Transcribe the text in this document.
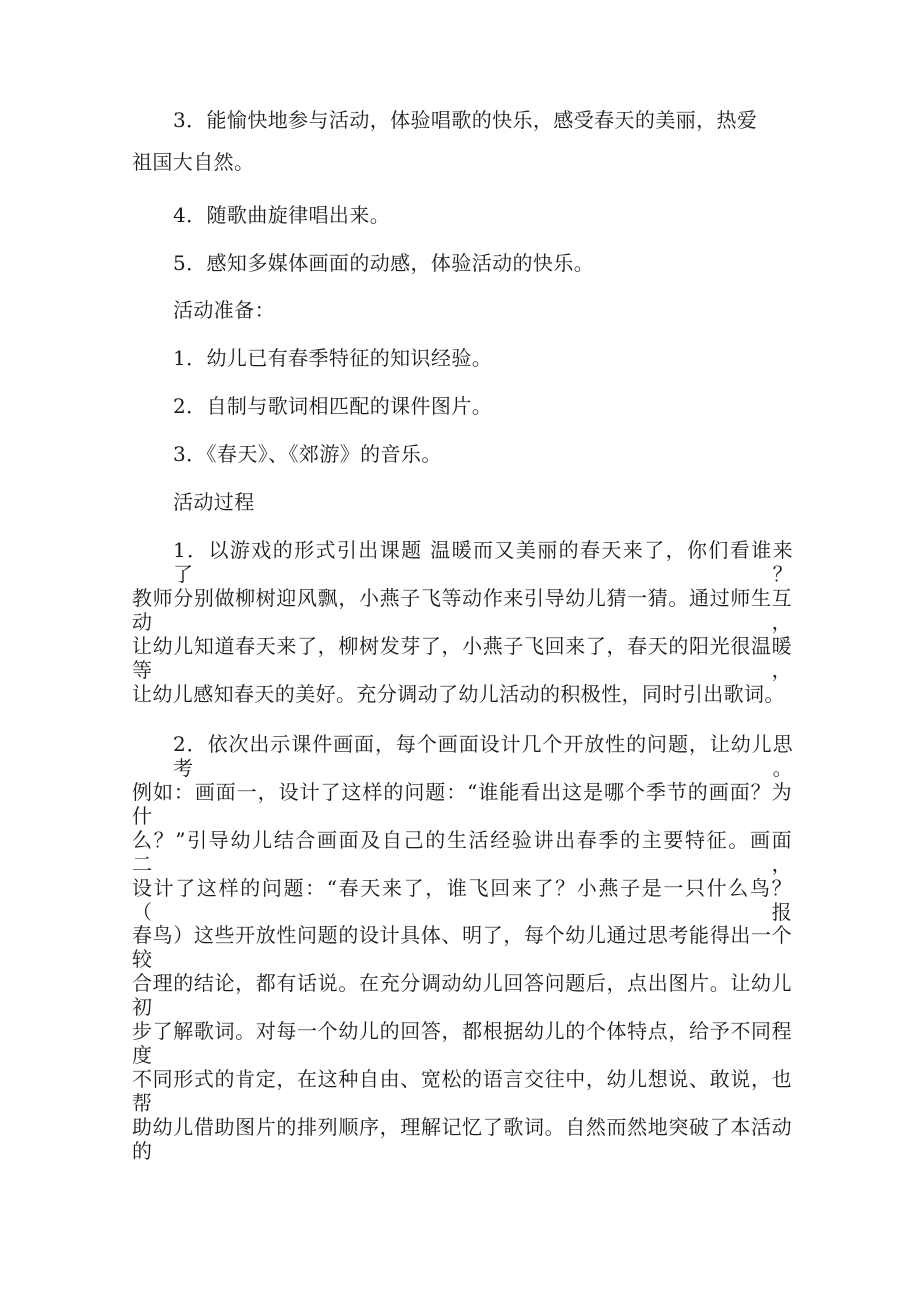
3．能愉快地参与活动，体验唱歌的快乐，感受春天的美丽，热爱
祖国大自然。
4．随歌曲旋律唱出来。
5．感知多媒体画面的动感，体验活动的快乐。
活动准备：
1．幼儿已有春季特征的知识经验。
2．自制与歌词相匹配的课件图片。
3．《春天》、《郊游》的音乐。
活动过程
1．以游戏的形式引出课题 温暖而又美丽的春天来了，你们看谁来了？
教师分别做柳树迎风飘，小燕子飞等动作来引导幼儿猜一猜。通过师生互动，
让幼儿知道春天来了，柳树发芽了，小燕子飞回来了，春天的阳光很温暖等，
让幼儿感知春天的美好。充分调动了幼儿活动的积极性，同时引出歌词。
2．依次出示课件画面，每个画面设计几个开放性的问题，让幼儿思考。
例如：画面一，设计了这样的问题：“谁能看出这是哪个季节的画面？为什
么？”引导幼儿结合画面及自己的生活经验讲出春季的主要特征。画面二，
设计了这样的问题：“春天来了，谁飞回来了？小燕子是一只什么鸟？（报
春鸟）这些开放性问题的设计具体、明了，每个幼儿通过思考能得出一个较
合理的结论，都有话说。在充分调动幼儿回答问题后，点出图片。让幼儿初
步了解歌词。对每一个幼儿的回答，都根据幼儿的个体特点，给予不同程度
不同形式的肯定，在这种自由、宽松的语言交往中，幼儿想说、敢说，也帮
助幼儿借助图片的排列顺序，理解记忆了歌词。自然而然地突破了本活动的
